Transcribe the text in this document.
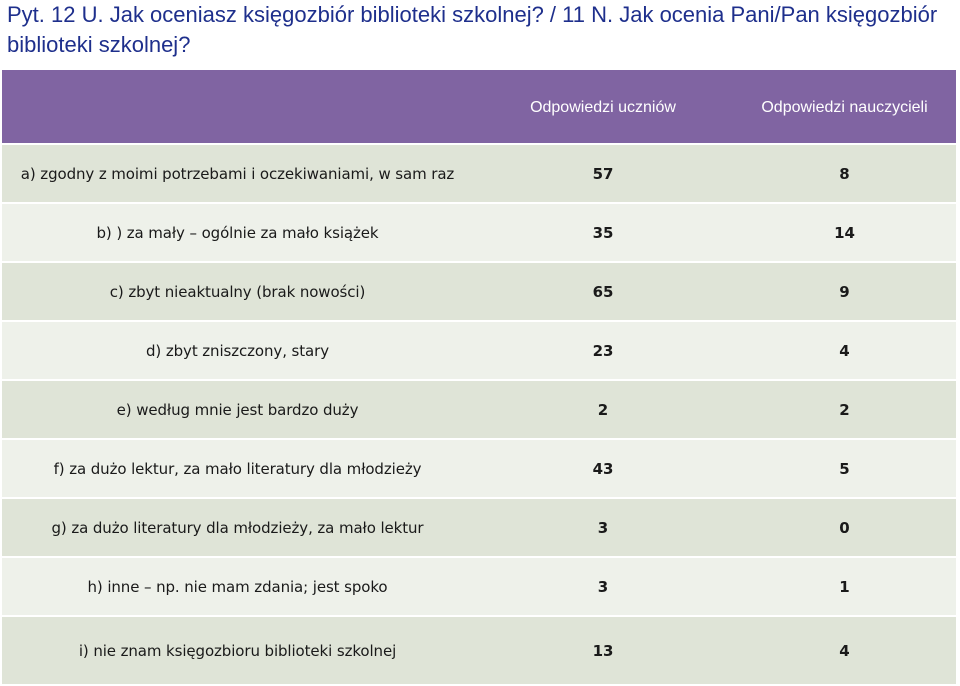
Pyt. 12 U. Jak oceniasz księgozbiór biblioteki szkolnej? / 11 N. Jak ocenia Pani/Pan księgozbiór biblioteki szkolnej?
	Odpowiedzi uczniów	Odpowiedzi nauczycieli
a) zgodny z moimi potrzebami i oczekiwaniami, w sam raz	57	8
b) ) za mały – ogólnie za mało książek	35	14
c) zbyt nieaktualny (brak nowości)	65	9
d) zbyt zniszczony, stary	23	4
e) według mnie jest bardzo duży	2	2
f) za dużo lektur, za mało literatury dla młodzieży	43	5
g) za dużo literatury dla młodzieży, za mało lektur	3	0
h) inne – np. nie mam zdania; jest spoko	3	1
i) nie znam księgozbioru biblioteki szkolnej	13	4
